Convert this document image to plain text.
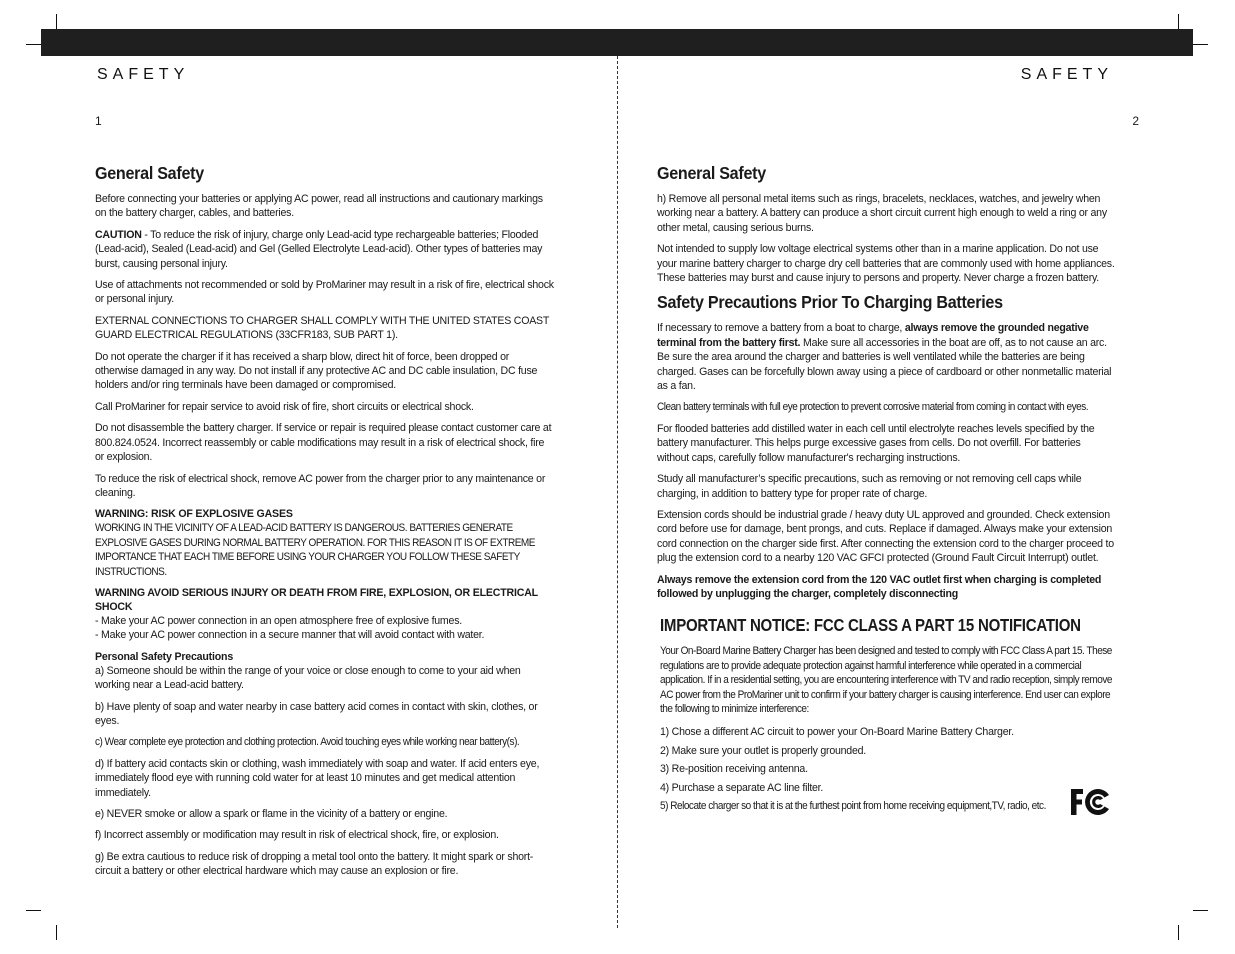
SAFETY
1
General Safety

Before connecting your batteries or applying AC power, read all instructions and cautionary markings on the battery charger, cables, and batteries.

CAUTION - To reduce the risk of injury, charge only Lead-acid type rechargeable batteries; Flooded (Lead-acid), Sealed (Lead-acid) and Gel (Gelled Electrolyte Lead-acid). Other types of batteries may burst, causing personal injury.

Use of attachments not recommended or sold by ProMariner may result in a risk of fire, electrical shock or personal injury.

EXTERNAL CONNECTIONS TO CHARGER SHALL COMPLY WITH THE UNITED STATES COAST GUARD ELECTRICAL REGULATIONS (33CFR183, SUB PART 1).

Do not operate the charger if it has received a sharp blow, direct hit of force, been dropped or otherwise damaged in any way. Do not install if any protective AC and DC cable insulation, DC fuse holders and/or ring terminals have been damaged or compromised.

Call ProMariner for repair service to avoid risk of fire, short circuits or electrical shock.

Do not disassemble the battery charger. If service or repair is required please contact customer care at 800.824.0524. Incorrect reassembly or cable modifications may result in a risk of electrical shock, fire or explosion.

To reduce the risk of electrical shock, remove AC power from the charger prior to any maintenance or cleaning.

WARNING: RISK OF EXPLOSIVE GASES

WORKING IN THE VICINITY OF A LEAD-ACID BATTERY IS DANGEROUS. BATTERIES GENERATE EXPLOSIVE GASES DURING NORMAL BATTERY OPERATION. FOR THIS REASON IT IS OF EXTREME IMPORTANCE THAT EACH TIME BEFORE USING YOUR CHARGER YOU FOLLOW THESE SAFETY INSTRUCTIONS.

WARNING AVOID SERIOUS INJURY OR DEATH FROM FIRE, EXPLOSION, OR ELECTRICAL SHOCK

- Make your AC power connection in an open atmosphere free of explosive fumes.

- Make your AC power connection in a secure manner that will avoid contact with water.

Personal Safety Precautions

a) Someone should be within the range of your voice or close enough to come to your aid when working near a Lead-acid battery.

b) Have plenty of soap and water nearby in case battery acid comes in contact with skin, clothes, or eyes.

c) Wear complete eye protection and clothing protection. Avoid touching eyes while working near battery(s).

d) If battery acid contacts skin or clothing, wash immediately with soap and water. If acid enters eye, immediately flood eye with running cold water for at least 10 minutes and get medical attention immediately.

e) NEVER smoke or allow a spark or flame in the vicinity of a battery or engine.

f) Incorrect assembly or modification may result in risk of electrical shock, fire, or explosion.

g) Be extra cautious to reduce risk of dropping a metal tool onto the battery. It might spark or short-circuit a battery or other electrical hardware which may cause an explosion or fire.

SAFETY
2
General Safety

h) Remove all personal metal items such as rings, bracelets, necklaces, watches, and jewelry when working near a battery. A battery can produce a short circuit current high enough to weld a ring or any other metal, causing serious burns.

Not intended to supply low voltage electrical systems other than in a marine application. Do not use your marine battery charger to charge dry cell batteries that are commonly used with home appliances. These batteries may burst and cause injury to persons and property. Never charge a frozen battery.

Safety Precautions Prior To Charging Batteries

If necessary to remove a battery from a boat to charge, always remove the grounded negative terminal from the battery first. Make sure all accessories in the boat are off, as to not cause an arc. Be sure the area around the charger and batteries is well ventilated while the batteries are being charged. Gases can be forcefully blown away using a piece of cardboard or other nonmetallic material as a fan.

Clean battery terminals with full eye protection to prevent corrosive material from coming in contact with eyes.

For flooded batteries add distilled water in each cell until electrolyte reaches levels specified by the battery manufacturer. This helps purge excessive gases from cells. Do not overfill. For batteries without caps, carefully follow manufacturer's recharging instructions.

Study all manufacturer’s specific precautions, such as removing or not removing cell caps while charging, in addition to battery type for proper rate of charge.

Extension cords should be industrial grade / heavy duty UL approved and grounded. Check extension cord before use for damage, bent prongs, and cuts. Replace if damaged. Always make your extension cord connection on the charger side first. After connecting the extension cord to the charger proceed to plug the extension cord to a nearby 120 VAC GFCI protected (Ground Fault Circuit Interrupt) outlet.

Always remove the extension cord from the 120 VAC outlet first when charging is completed followed by unplugging the charger, completely disconnecting

IMPORTANT NOTICE: FCC CLASS A PART 15 NOTIFICATION

Your On-Board Marine Battery Charger has been designed and tested to comply with FCC Class A part 15. These regulations are to provide adequate protection against harmful interference while operated in a commercial application. If in a residential setting, you are encountering interference with TV and radio reception, simply remove AC power from the ProMariner unit to confirm if your battery charger is causing interference. End user can explore the following to minimize interference:

1) Chose a different AC circuit to power your On-Board Marine Battery Charger.

2) Make sure your outlet is properly grounded.

3) Re-position receiving antenna.

4) Purchase a separate AC line filter.

5) Relocate charger so that it is at the furthest point from home receiving equipment,TV, radio, etc.
